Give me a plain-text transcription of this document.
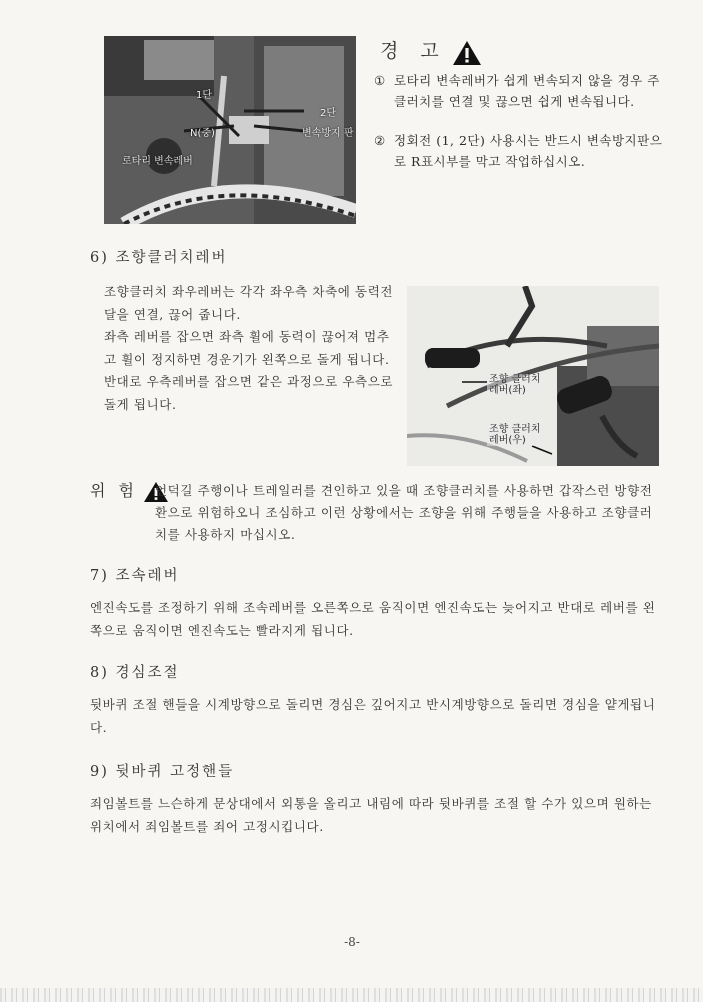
1단
2단
N(중)	변속방지 판
로타리 변속레버
경 고
① 로타리 변속레버가 쉽게 변속되지 않을 경우 주클러치를 연결 및 끊으면 쉽게 변속됩니다.
② 정회전 (1, 2단) 사용시는 반드시 변속방지판으로 R표시부를 막고 작업하십시오.
6) 조향클러치레버
조향클러치 좌우레버는 각각 좌우측 차축에 동력전달을 연결, 끊어 줍니다.
좌측 레버를 잡으면 좌측 휠에 동력이 끊어져 멈추고 휠이 정지하면 경운기가 왼쪽으로 돌게 됩니다. 반대로 우측레버를 잡으면 같은 과정으로 우측으로 돌게 됩니다.
조향 클러치
레버(좌)
조향 클러치
레버(우)
위 험	언덕길 주행이나 트레일러를 견인하고 있을 때 조향클러치를 사용하면 갑작스런 방향전환으로 위험하오니 조심하고 이런 상황에서는 조향을 위해 주행들을 사용하고 조향클러치를 사용하지 마십시오.
7) 조속레버
엔진속도를 조정하기 위해 조속레버를 오른쪽으로 움직이면 엔진속도는 늦어지고 반대로 레버를 왼쪽으로 움직이면 엔진속도는 빨라지게 됩니다.
8) 경심조절
뒷바퀴 조절 핸들을 시계방향으로 돌리면 경심은 깊어지고 반시계방향으로 돌리면 경심을 얕게됩니다.
9) 뒷바퀴 고정핸들
죄임볼트를 느슨하게 문상대에서 외통을 올리고 내림에 따라 뒷바퀴를 조절 할 수가 있으며 원하는 위치에서 죄임볼트를 죄어 고정시킵니다.
-8-
